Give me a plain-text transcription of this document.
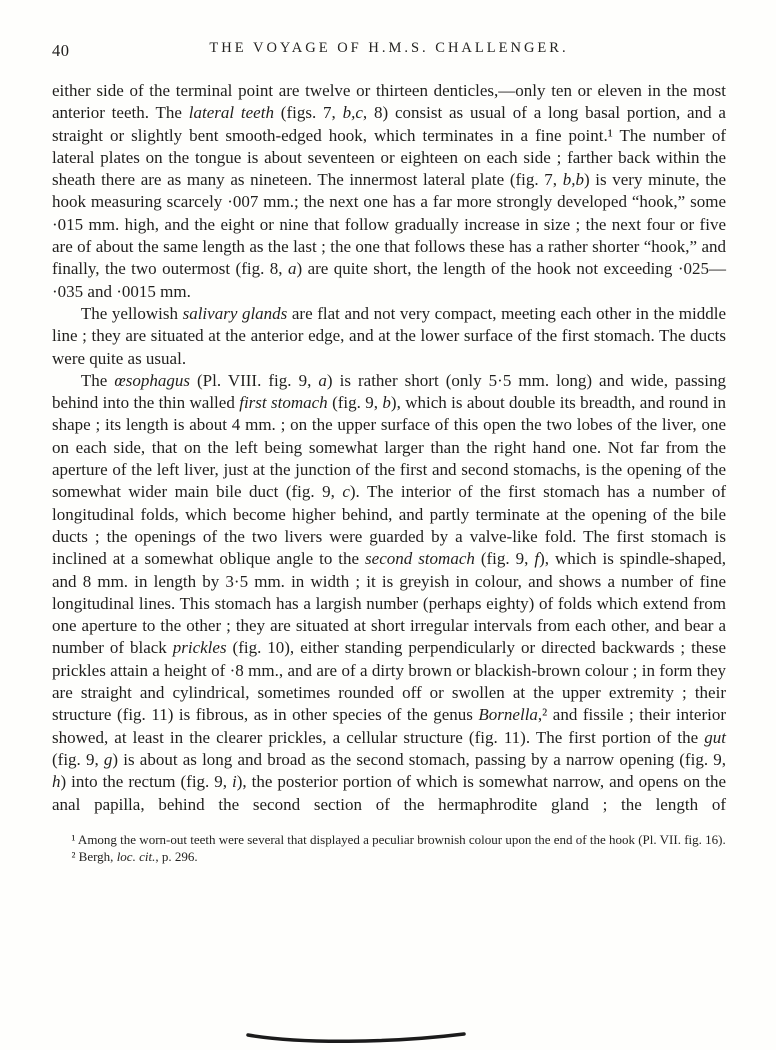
40	THE VOYAGE OF H.M.S. CHALLENGER.

either side of the terminal point are twelve or thirteen denticles,—only ten or eleven in the most anterior teeth. The lateral teeth (figs. 7, b,c, 8) consist as usual of a long basal portion, and a straight or slightly bent smooth-edged hook, which terminates in a fine point.¹ The number of lateral plates on the tongue is about seventeen or eighteen on each side ; farther back within the sheath there are as many as nineteen. The innermost lateral plate (fig. 7, b,b) is very minute, the hook measuring scarcely ·007 mm.; the next one has a far more strongly developed “hook,” some ·015 mm. high, and the eight or nine that follow gradually increase in size ; the next four or five are of about the same length as the last ; the one that follows these has a rather shorter “hook,” and finally, the two outermost (fig. 8, a) are quite short, the length of the hook not exceeding ·025—·035 and ·0015 mm.

The yellowish salivary glands are flat and not very compact, meeting each other in the middle line ; they are situated at the anterior edge, and at the lower surface of the first stomach. The ducts were quite as usual.

The œsophagus (Pl. VIII. fig. 9, a) is rather short (only 5·5 mm. long) and wide, passing behind into the thin walled first stomach (fig. 9, b), which is about double its breadth, and round in shape ; its length is about 4 mm. ; on the upper surface of this open the two lobes of the liver, one on each side, that on the left being somewhat larger than the right hand one. Not far from the aperture of the left liver, just at the junction of the first and second stomachs, is the opening of the somewhat wider main bile duct (fig. 9, c). The interior of the first stomach has a number of longitudinal folds, which become higher behind, and partly terminate at the opening of the bile ducts ; the openings of the two livers were guarded by a valve-like fold. The first stomach is inclined at a somewhat oblique angle to the second stomach (fig. 9, f), which is spindle-shaped, and 8 mm. in length by 3·5 mm. in width ; it is greyish in colour, and shows a number of fine longitudinal lines. This stomach has a largish number (perhaps eighty) of folds which extend from one aperture to the other ; they are situated at short irregular intervals from each other, and bear a number of black prickles (fig. 10), either standing perpendicularly or directed backwards ; these prickles attain a height of ·8 mm., and are of a dirty brown or blackish-brown colour ; in form they are straight and cylindrical, sometimes rounded off or swollen at the upper extremity ; their structure (fig. 11) is fibrous, as in other species of the genus Bornella,² and fissile ; their interior showed, at least in the clearer prickles, a cellular structure (fig. 11). The first portion of the gut (fig. 9, g) is about as long and broad as the second stomach, passing by a narrow opening (fig. 9, h) into the rectum (fig. 9, i), the posterior portion of which is somewhat narrow, and opens on the anal papilla, behind the second section of the hermaphrodite gland ; the length of

¹ Among the worn-out teeth were several that displayed a peculiar brownish colour upon the end of the hook (Pl. VII. fig. 16).

² Bergh, loc. cit., p. 296.
